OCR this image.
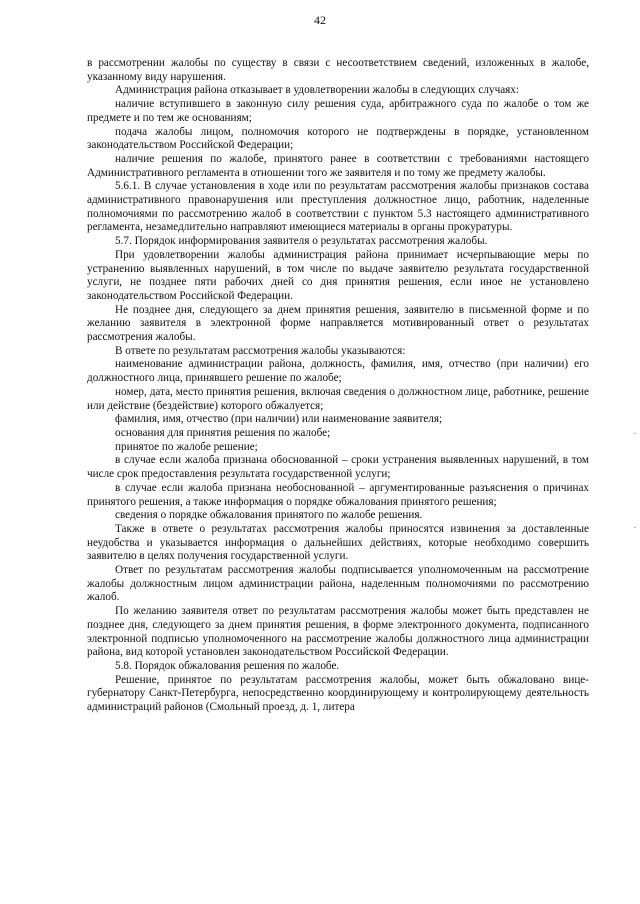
42

в рассмотрении жалобы по существу в связи с несоответствием сведений, изложенных в жалобе, указанному виду нарушения.

Администрация района отказывает в удовлетворении жалобы в следующих случаях:

наличие вступившего в законную силу решения суда, арбитражного суда по жалобе о том же предмете и по тем же основаниям;

подача жалобы лицом, полномочия которого не подтверждены в порядке, установленном законодательством Российской Федерации;

наличие решения по жалобе, принятого ранее в соответствии с требованиями настоящего Административного регламента в отношении того же заявителя и по тому же предмету жалобы.

5.6.1. В случае установления в ходе или по результатам рассмотрения жалобы признаков состава административного правонарушения или преступления должностное лицо, работник, наделенные полномочиями по рассмотрению жалоб в соответствии с пунктом 5.3 настоящего административного регламента, незамедлительно направляют имеющиеся материалы в органы прокуратуры.

5.7. Порядок информирования заявителя о результатах рассмотрения жалобы.

При удовлетворении жалобы администрация района принимает исчерпывающие меры по устранению выявленных нарушений, в том числе по выдаче заявителю результата государственной услуги, не позднее пяти рабочих дней со дня принятия решения, если иное не установлено законодательством Российской Федерации.

Не позднее дня, следующего за днем принятия решения, заявителю в письменной форме и по желанию заявителя в электронной форме направляется мотивированный ответ о результатах рассмотрения жалобы.

В ответе по результатам рассмотрения жалобы указываются:

наименование администрации района, должность, фамилия, имя, отчество (при наличии) его должностного лица, принявшего решение по жалобе;

номер, дата, место принятия решения, включая сведения о должностном лице, работнике, решение или действие (бездействие) которого обжалуется;

фамилия, имя, отчество (при наличии) или наименование заявителя;

основания для принятия решения по жалобе;

принятое по жалобе решение;

в случае если жалоба признана обоснованной – сроки устранения выявленных нарушений, в том числе срок предоставления результата государственной услуги;

в случае если жалоба признана необоснованной – аргументированные разъяснения о причинах принятого решения, а также информация о порядке обжалования принятого решения;

сведения о порядке обжалования принятого по жалобе решения.

Также в ответе о результатах рассмотрения жалобы приносятся извинения за доставленные неудобства и указывается информация о дальнейших действиях, которые необходимо совершить заявителю в целях получения государственной услуги.

Ответ по результатам рассмотрения жалобы подписывается уполномоченным на рассмотрение жалобы должностным лицом администрации района, наделенным полномочиями по рассмотрению жалоб.

По желанию заявителя ответ по результатам рассмотрения жалобы может быть представлен не позднее дня, следующего за днем принятия решения, в форме электронного документа, подписанного электронной подписью уполномоченного на рассмотрение жалобы должностного лица администрации района, вид которой установлен законодательством Российской Федерации.

5.8. Порядок обжалования решения по жалобе.

Решение, принятое по результатам рассмотрения жалобы, может быть обжаловано вице-губернатору Санкт-Петербурга, непосредственно координирующему и контролирующему деятельность администраций районов (Смольный проезд, д. 1, литера

.
.
